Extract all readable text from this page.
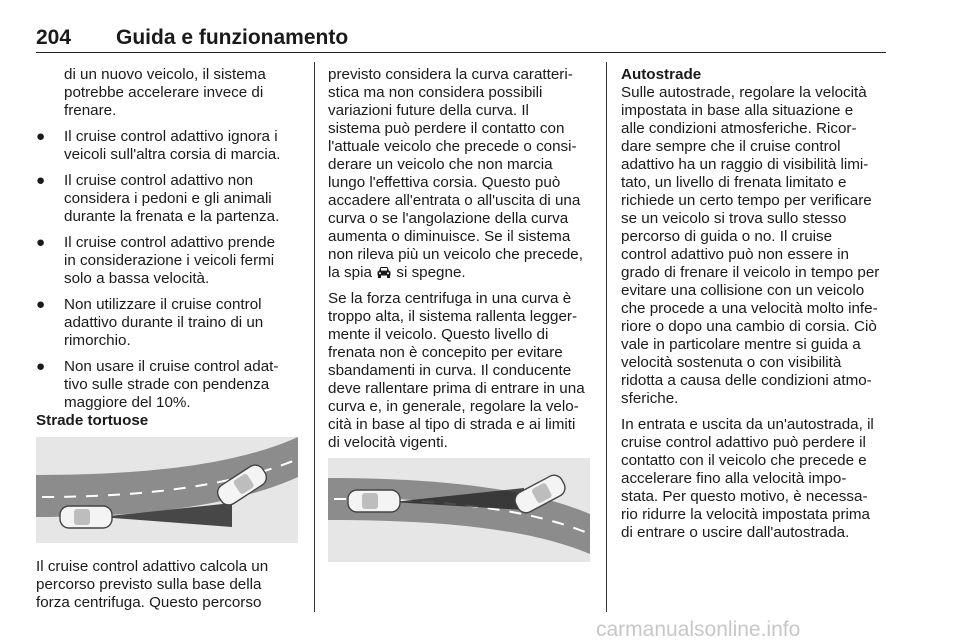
204 Guida e funzionamento
di un nuovo veicolo, il sistema
potrebbe accelerare invece di
frenare.
● Il cruise control adattivo ignora i
veicoli sull'altra corsia di marcia.
● Il cruise control adattivo non
considera i pedoni e gli animali
durante la frenata e la partenza.
● Il cruise control adattivo prende
in considerazione i veicoli fermi
solo a bassa velocità.
● Non utilizzare il cruise control
adattivo durante il traino di un
rimorchio.
● Non usare il cruise control adat-
tivo sulle strade con pendenza
maggiore del 10%.
Strade tortuose
Il cruise control adattivo calcola un
percorso previsto sulla base della
forza centrifuga. Questo percorso

previsto considera la curva caratteri-
stica ma non considera possibili
variazioni future della curva. Il
sistema può perdere il contatto con
l'attuale veicolo che precede o consi-
derare un veicolo che non marcia
lungo l'effettiva corsia. Questo può
accadere all'entrata o all'uscita di una
curva o se l'angolazione della curva
aumenta o diminuisce. Se il sistema
non rileva più un veicolo che precede,
la spia si spegne.

Se la forza centrifuga in una curva è
troppo alta, il sistema rallenta legger-
mente il veicolo. Questo livello di
frenata non è concepito per evitare
sbandamenti in curva. Il conducente
deve rallentare prima di entrare in una
curva e, in generale, regolare la velo-
cità in base al tipo di strada e ai limiti
di velocità vigenti.

Autostrade
Sulle autostrade, regolare la velocità
impostata in base alla situazione e
alle condizioni atmosferiche. Ricor-
dare sempre che il cruise control
adattivo ha un raggio di visibilità limi-
tato, un livello di frenata limitato e
richiede un certo tempo per verificare
se un veicolo si trova sullo stesso
percorso di guida o no. Il cruise
control adattivo può non essere in
grado di frenare il veicolo in tempo per
evitare una collisione con un veicolo
che procede a una velocità molto infe-
riore o dopo una cambio di corsia. Ciò
vale in particolare mentre si guida a
velocità sostenuta o con visibilità
ridotta a causa delle condizioni atmo-
sferiche.

In entrata e uscita da un'autostrada, il
cruise control adattivo può perdere il
contatto con il veicolo che precede e
accelerare fino alla velocità impo-
stata. Per questo motivo, è necessa-
rio ridurre la velocità impostata prima
di entrare o uscire dall'autostrada.

carmanualsonline.info
